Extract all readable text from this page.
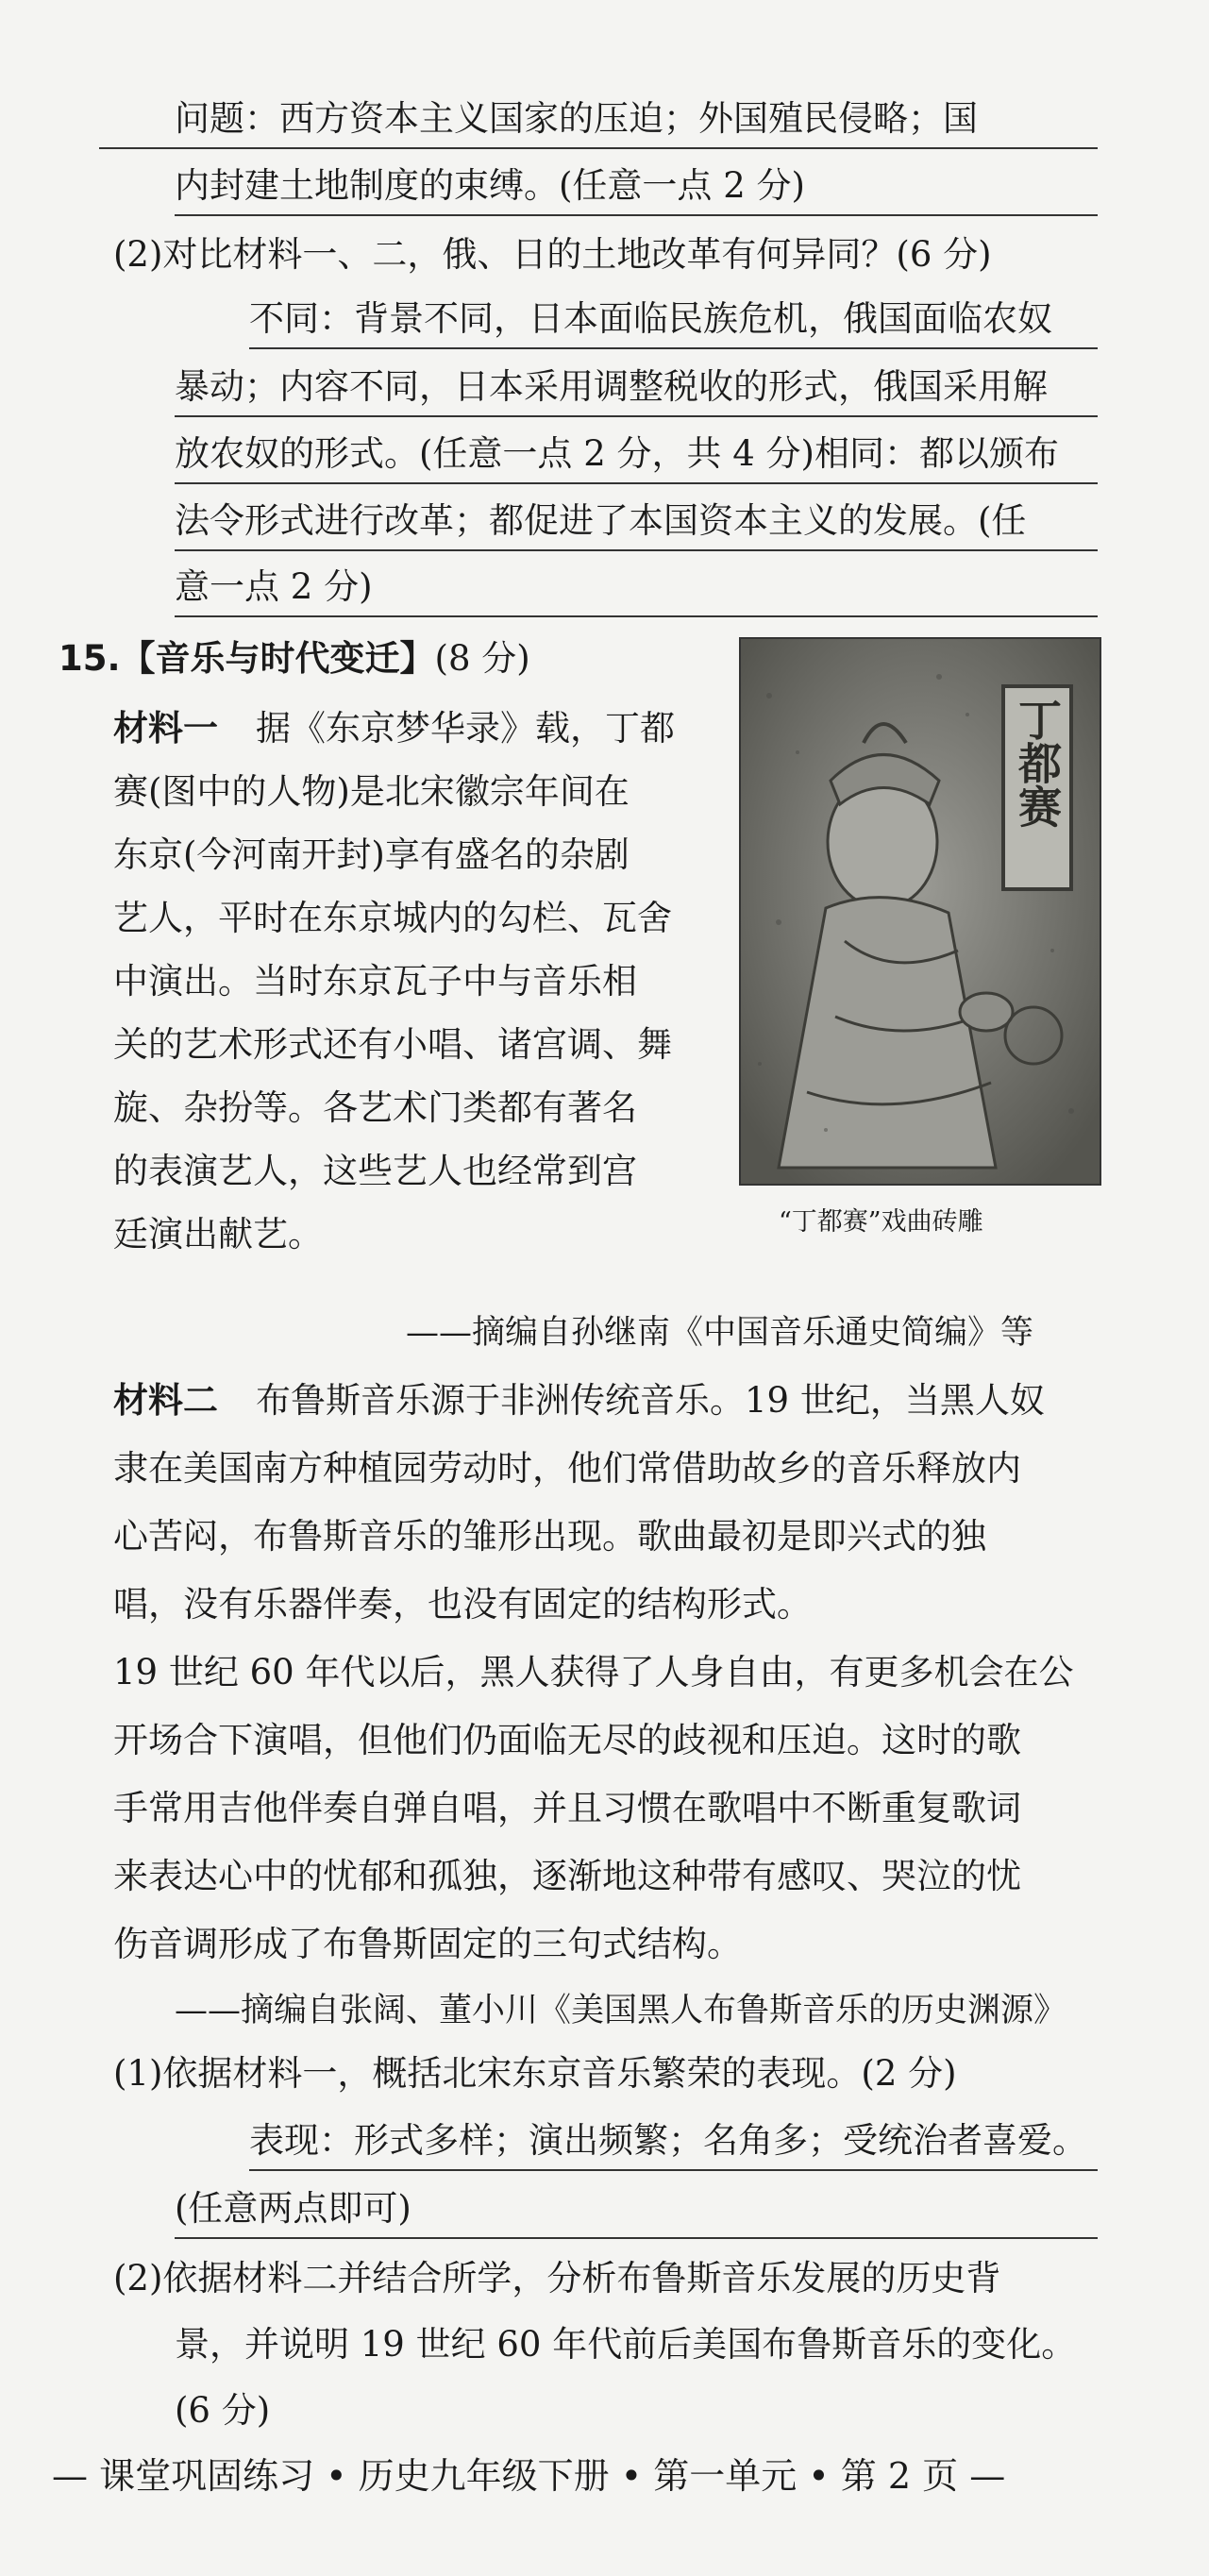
问题：西方资本主义国家的压迫；外国殖民侵略；国
内封建土地制度的束缚。(任意一点 2 分)
(2)对比材料一、二，俄、日的土地改革有何异同？(6 分)
不同：背景不同，日本面临民族危机，俄国面临农奴
暴动；内容不同，日本采用调整税收的形式，俄国采用解
放农奴的形式。(任意一点 2 分，共 4 分)相同：都以颁布
法令形式进行改革；都促进了本国资本主义的发展。(任
意一点 2 分)
15.【音乐与时代变迁】(8 分)
材料一 据《东京梦华录》载，丁都
赛(图中的人物)是北宋徽宗年间在
东京(今河南开封)享有盛名的杂剧
艺人，平时在东京城内的勾栏、瓦舍
中演出。当时东京瓦子中与音乐相
关的艺术形式还有小唱、诸宫调、舞
旋、杂扮等。各艺术门类都有著名
的表演艺人，这些艺人也经常到宫
廷演出献艺。
丁都赛
“丁都赛”戏曲砖雕
——摘编自孙继南《中国音乐通史简编》等
材料二 布鲁斯音乐源于非洲传统音乐。19 世纪，当黑人奴
隶在美国南方种植园劳动时，他们常借助故乡的音乐释放内
心苦闷，布鲁斯音乐的雏形出现。歌曲最初是即兴式的独
唱，没有乐器伴奏，也没有固定的结构形式。
19 世纪 60 年代以后，黑人获得了人身自由，有更多机会在公
开场合下演唱，但他们仍面临无尽的歧视和压迫。这时的歌
手常用吉他伴奏自弹自唱，并且习惯在歌唱中不断重复歌词
来表达心中的忧郁和孤独，逐渐地这种带有感叹、哭泣的忧
伤音调形成了布鲁斯固定的三句式结构。
——摘编自张阔、董小川《美国黑人布鲁斯音乐的历史渊源》
(1)依据材料一，概括北宋东京音乐繁荣的表现。(2 分)
表现：形式多样；演出频繁；名角多；受统治者喜爱。
(任意两点即可)
(2)依据材料二并结合所学，分析布鲁斯音乐发展的历史背
景，并说明 19 世纪 60 年代前后美国布鲁斯音乐的变化。
(6 分)
— 课堂巩固练习 • 历史九年级下册 • 第一单元 • 第 2 页 —
